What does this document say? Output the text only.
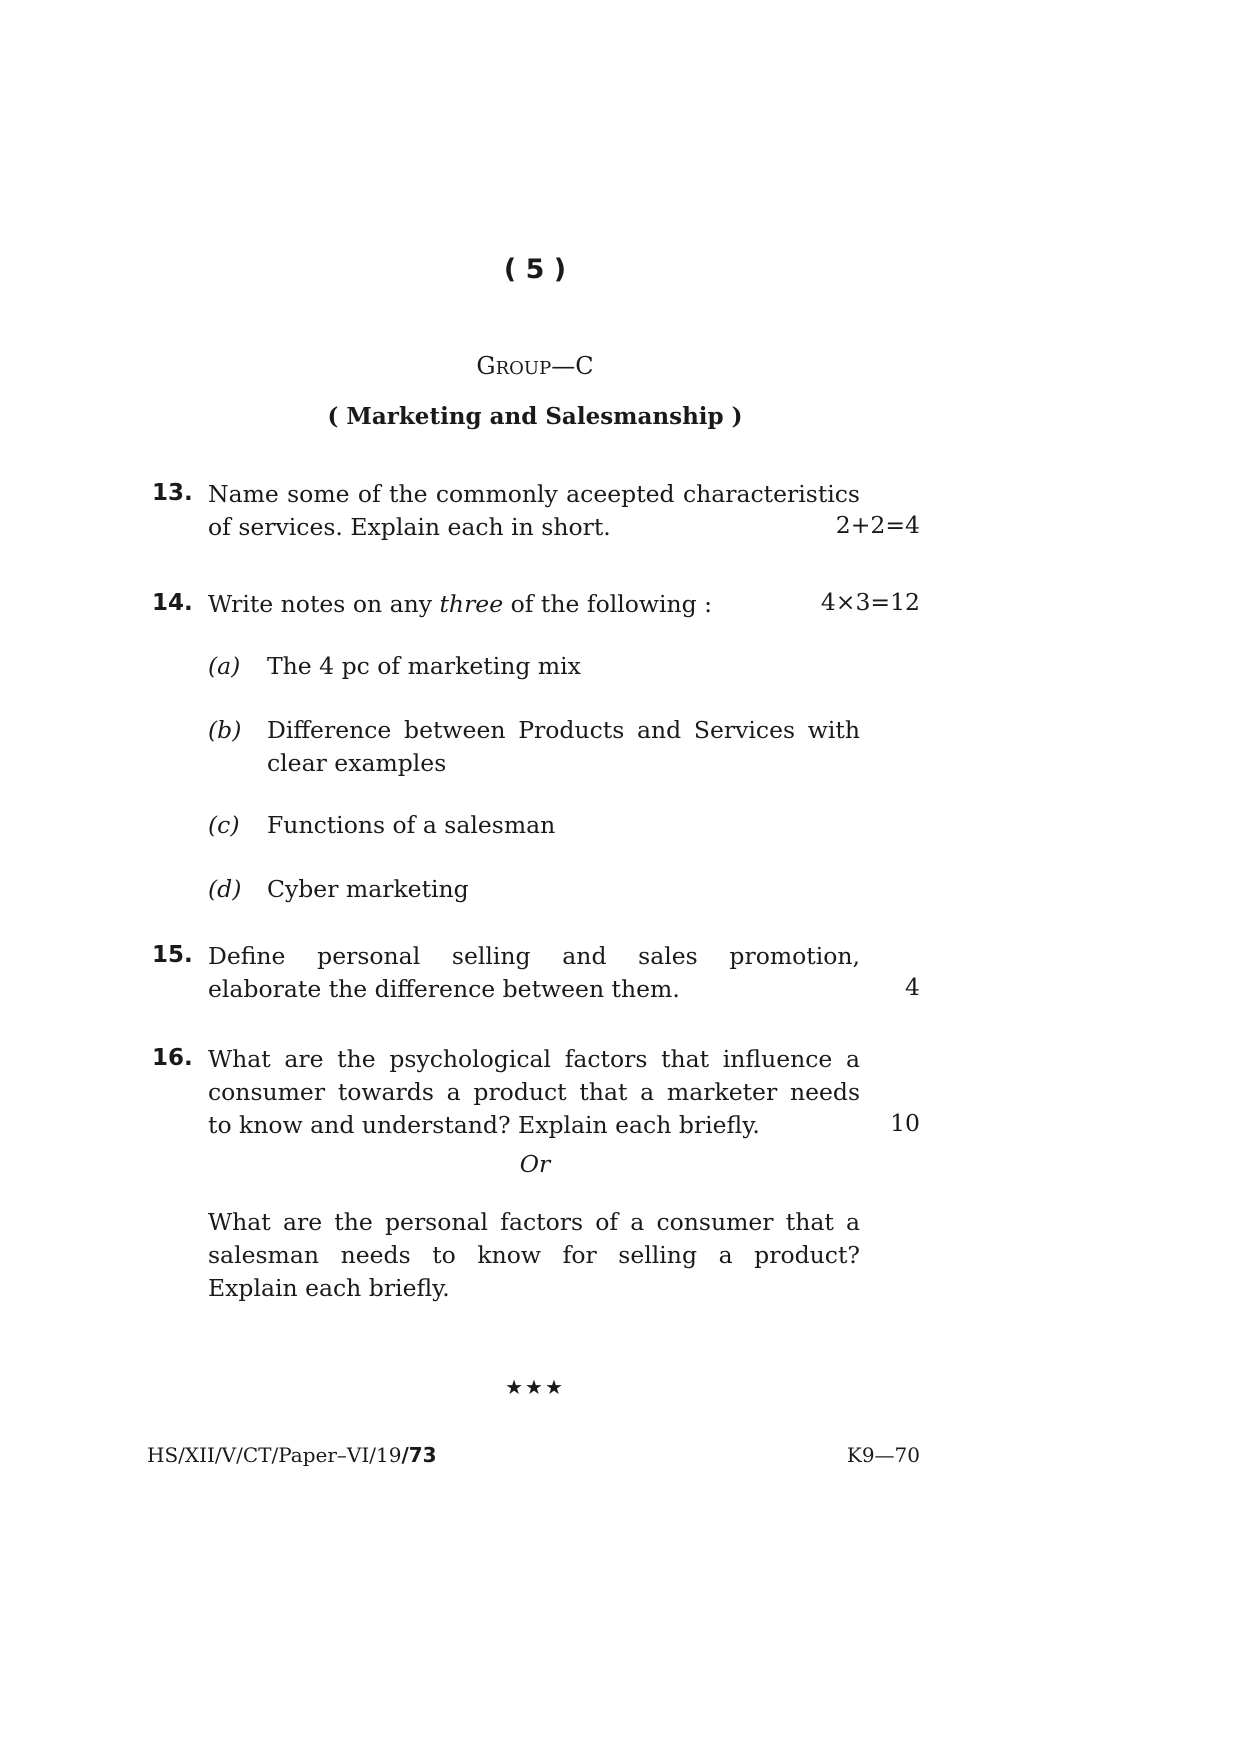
( 5 )
GROUP—C
( Marketing and Salesmanship )
13. Name some of the commonly aceepted characteristics
of services. Explain each in short.	2+2=4
14. Write notes on any three of the following :	4×3=12
(a) The 4 pc of marketing mix
(b) Difference between Products and Services with
clear examples
(c) Functions of a salesman
(d) Cyber marketing
15. Define personal selling and sales promotion,
elaborate the difference between them.	4
16. What are the psychological factors that influence a
consumer towards a product that a marketer needs
to know and understand? Explain each briefly.	10
Or
What are the personal factors of a consumer that a
salesman needs to know for selling a product?
Explain each briefly.
★★★
HS/XII/V/CT/Paper–VI/19/73	K9—70
